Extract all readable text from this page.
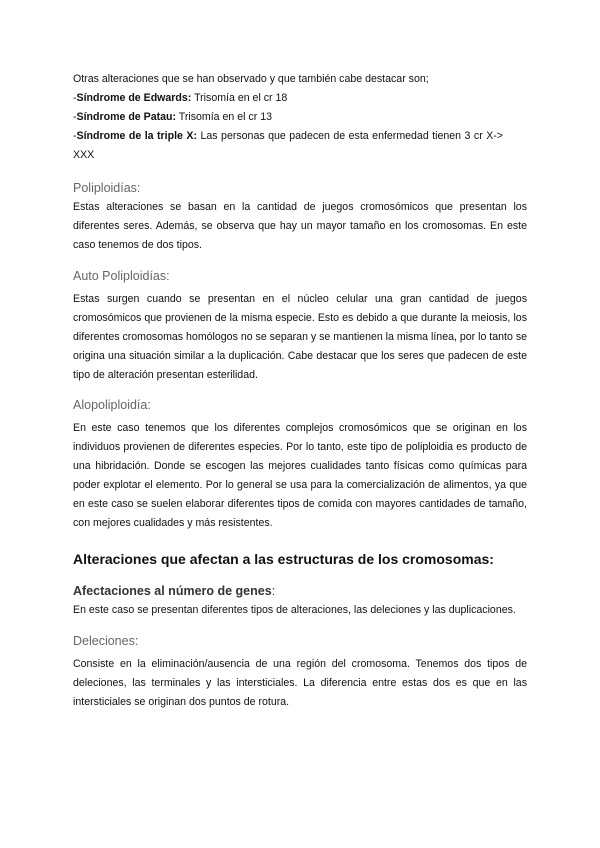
Otras alteraciones que se han observado y que también cabe destacar son;

-Síndrome de Edwards: Trisomía en el cr 18

-Síndrome de Patau: Trisomía en el cr 13

-Síndrome de la triple X: Las personas que padecen de esta enfermedad tienen 3 cr X-> XXX

Poliploidías:

Estas alteraciones se basan en la cantidad de juegos cromosómicos que presentan los diferentes seres. Además, se observa que hay un mayor tamaño en los cromosomas. En este caso tenemos de dos tipos.

Auto Poliploidías:

Estas surgen cuando se presentan en el núcleo celular una gran cantidad de juegos cromosómicos que provienen de la misma especie. Esto es debido a que durante la meiosis, los diferentes cromosomas homólogos no se separan y se mantienen la misma línea, por lo tanto se origina una situación similar a la duplicación. Cabe destacar que los seres que padecen de este tipo de alteración presentan esterilidad.

Alopoliploidía:

En este caso tenemos que los diferentes complejos cromosómicos que se originan en los individuos provienen de diferentes especies. Por lo tanto, este tipo de poliploidia es producto de una hibridación. Donde se escogen las mejores cualidades tanto físicas como químicas para poder explotar el elemento. Por lo general se usa para la comercialización de alimentos, ya que en este caso se suelen elaborar diferentes tipos de comida con mayores cantidades de tamaño, con mejores cualidades y más resistentes.

Alteraciones que afectan a las estructuras de los cromosomas:

Afectaciones al número de genes:

En este caso se presentan diferentes tipos de alteraciones, las deleciones y las duplicaciones.

Deleciones:

Consiste en la eliminación/ausencia de una región del cromosoma. Tenemos dos tipos de deleciones, las terminales y las intersticiales. La diferencia entre estas dos es que en las intersticiales se originan dos puntos de rotura.
